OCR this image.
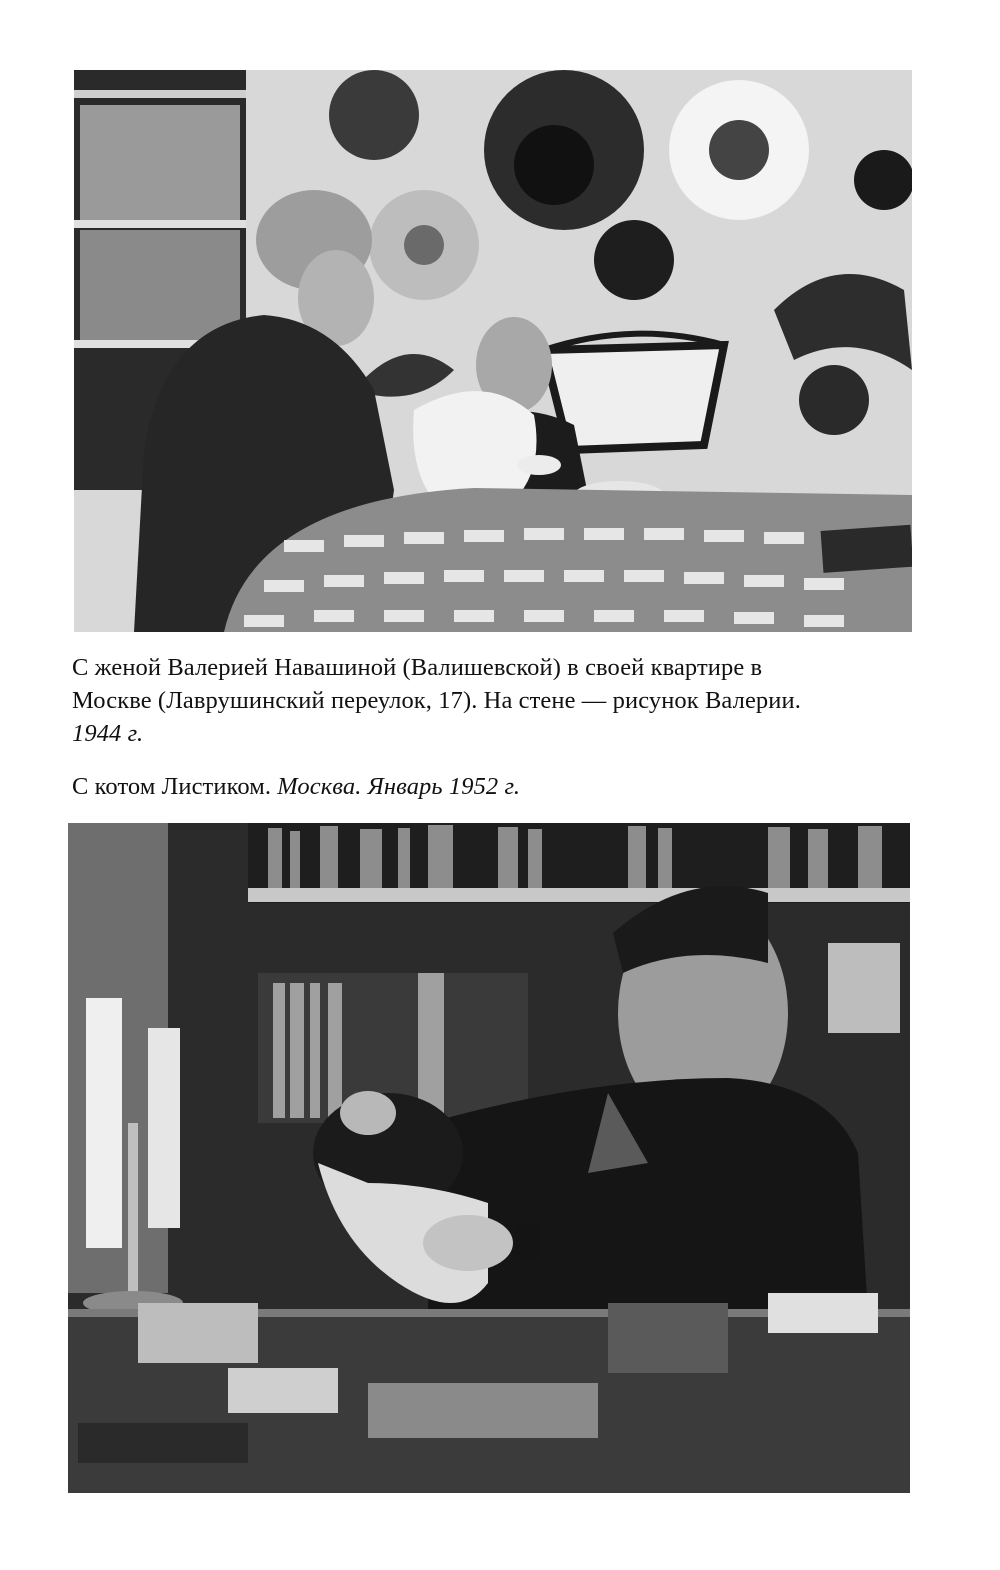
С женой Валерией Навашиной (Валишевской) в своей квартире в
Москве (Лаврушинский переулок, 17). На стене — рисунок Валерии.
1944 г.
С котом Листиком. Москва. Январь 1952 г.
